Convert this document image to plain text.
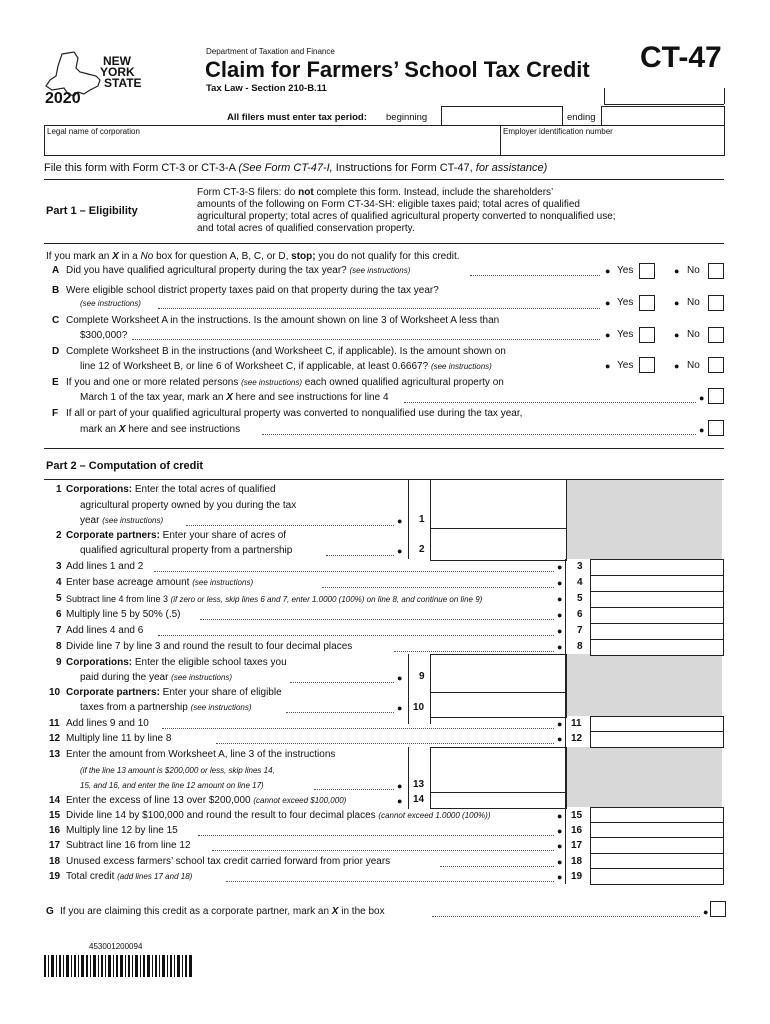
NEW
YORK
STATE
2020
Department of Taxation and Finance
Claim for Farmers’ School Tax Credit
Tax Law - Section 210-B.11
CT-47
All filers must enter tax period: beginning	ending
Legal name of corporation	Employer identification number
File this form with Form CT-3 or CT-3-A (See Form CT-47-I, Instructions for Form CT-47, for assistance)
Part 1 – Eligibility
Form CT-3-S filers: do not complete this form. Instead, include the shareholders’
amounts of the following on Form CT-34-SH: eligible taxes paid; total acres of qualified
agricultural property; total acres of qualified agricultural property converted to nonqualified use;
and total acres of qualified conservation property.
If you mark an X in a No box for question A, B, C, or D, stop; you do not qualify for this credit.
A Did you have qualified agricultural property during the tax year? (see instructions)	● Yes	● No
B Were eligible school district property taxes paid on that property during the tax year?
(see instructions)	● Yes	● No
C Complete Worksheet A in the instructions. Is the amount shown on line 3 of Worksheet A less than
$300,000?	● Yes	● No
D Complete Worksheet B in the instructions (and Worksheet C, if applicable). Is the amount shown on
line 12 of Worksheet B, or line 6 of Worksheet C, if applicable, at least 0.6667? (see instructions)	● Yes	● No
E If you and one or more related persons (see instructions) each owned qualified agricultural property on
March 1 of the tax year, mark an X here and see instructions for line 4	●
F If all or part of your qualified agricultural property was converted to nonqualified use during the tax year,
mark an X here and see instructions	●
Part 2 – Computation of credit
1 Corporations: Enter the total acres of qualified
agricultural property owned by you during the tax
year (see instructions)	●	1
2 Corporate partners: Enter your share of acres of
qualified agricultural property from a partnership	●	2
3 Add lines 1 and 2	●	3
4 Enter base acreage amount (see instructions)	●	4
5 Subtract line 4 from line 3 (if zero or less, skip lines 6 and 7, enter 1.0000 (100%) on line 8, and continue on line 9)	●	5
6 Multiply line 5 by 50% (.5)	●	6
7 Add lines 4 and 6	●	7
8 Divide line 7 by line 3 and round the result to four decimal places	●	8
9 Corporations: Enter the eligible school taxes you
paid during the year (see instructions)	●	9
10 Corporate partners: Enter your share of eligible
taxes from a partnership (see instructions)	●	10
11 Add lines 9 and 10	● 11
12 Multiply line 11 by line 8	● 12
13 Enter the amount from Worksheet A, line 3 of the instructions
(if the line 13 amount is $200,000 or less, skip lines 14,
15, and 16, and enter the line 12 amount on line 17)	●	13
14 Enter the excess of line 13 over $200,000 (cannot exceed $100,000)	●	14
15 Divide line 14 by $100,000 and round the result to four decimal places (cannot exceed 1.0000 (100%))	● 15
16 Multiply line 12 by line 15	● 16
17 Subtract line 16 from line 12	● 17
18 Unused excess farmers’ school tax credit carried forward from prior years	● 18
19 Total credit (add lines 17 and 18)	● 19
G If you are claiming this credit as a corporate partner, mark an X in the box	●
453001200094
